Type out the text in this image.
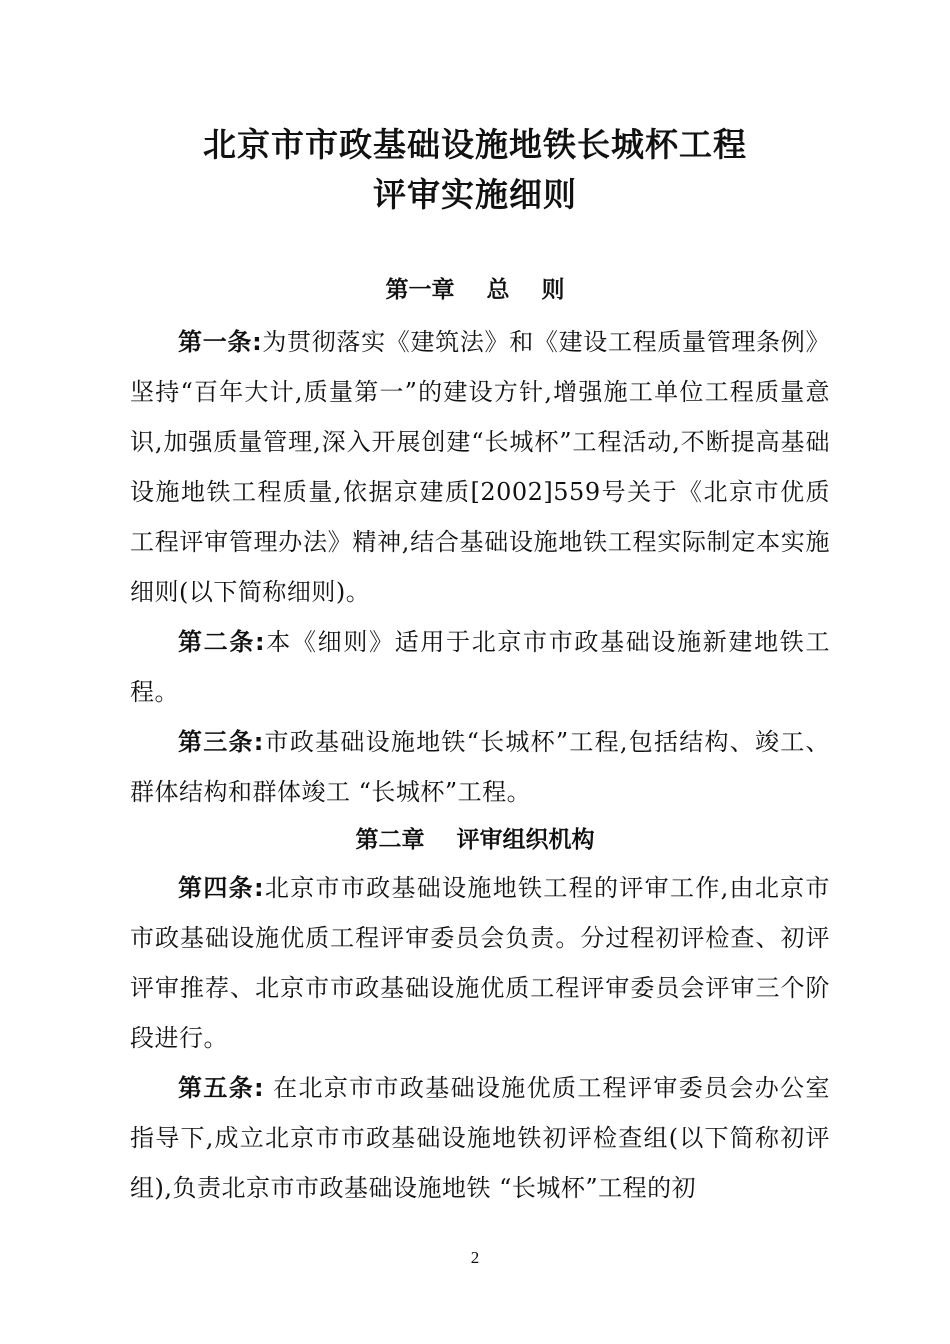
北京市市政基础设施地铁长城杯工程
评审实施细则
第一章    总    则
第一条:为贯彻落实《建筑法》和《建设工程质量管理条例》坚持“百年大计,质量第一”的建设方针,增强施工单位工程质量意识,加强质量管理,深入开展创建“长城杯”工程活动,不断提高基础设施地铁工程质量,依据京建质[2002]559号关于《北京市优质工程评审管理办法》精神,结合基础设施地铁工程实际制定本实施细则(以下简称细则)。
第二条:本《细则》适用于北京市市政基础设施新建地铁工程。
第三条:市政基础设施地铁“长城杯”工程,包括结构、竣工、群体结构和群体竣工 “长城杯”工程。
第二章    评审组织机构
第四条:北京市市政基础设施地铁工程的评审工作,由北京市市政基础设施优质工程评审委员会负责。分过程初评检查、初评评审推荐、北京市市政基础设施优质工程评审委员会评审三个阶段进行。
第五条: 在北京市市政基础设施优质工程评审委员会办公室指导下,成立北京市市政基础设施地铁初评检查组(以下简称初评组),负责北京市市政基础设施地铁 “长城杯”工程的初
2
